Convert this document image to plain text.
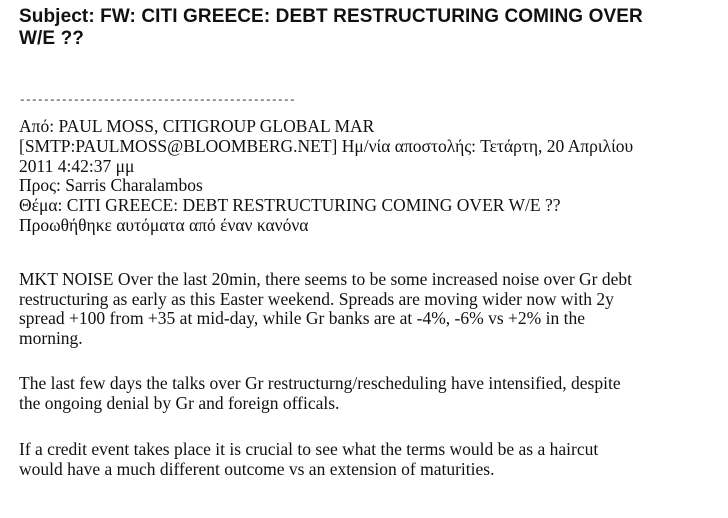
Subject: FW: CITI GREECE: DEBT RESTRUCTURING COMING OVER
W/E ??
----------------------------------------------
Από: PAUL MOSS, CITIGROUP GLOBAL MAR
[SMTP:PAULMOSS@BLOOMBERG.NET] Ημ/νία αποστολής: Τετάρτη, 20 Απριλίου
2011 4:42:37 μμ
Προς: Sarris Charalambos
Θέμα: CITI GREECE: DEBT RESTRUCTURING COMING OVER W/E ??
Προωθήθηκε αυτόματα από έναν κανόνα
MKT NOISE Over the last 20min, there seems to be some increased noise over Gr debt
restructuring as early as this Easter weekend. Spreads are moving wider now with 2y
spread +100 from +35 at mid-day, while Gr banks are at -4%, -6% vs +2% in the
morning.
The last few days the talks over Gr restructurng/rescheduling have intensified, despite
the ongoing denial by Gr and foreign officals.
If a credit event takes place it is crucial to see what the terms would be as a haircut
would have a much different outcome vs an extension of maturities.
